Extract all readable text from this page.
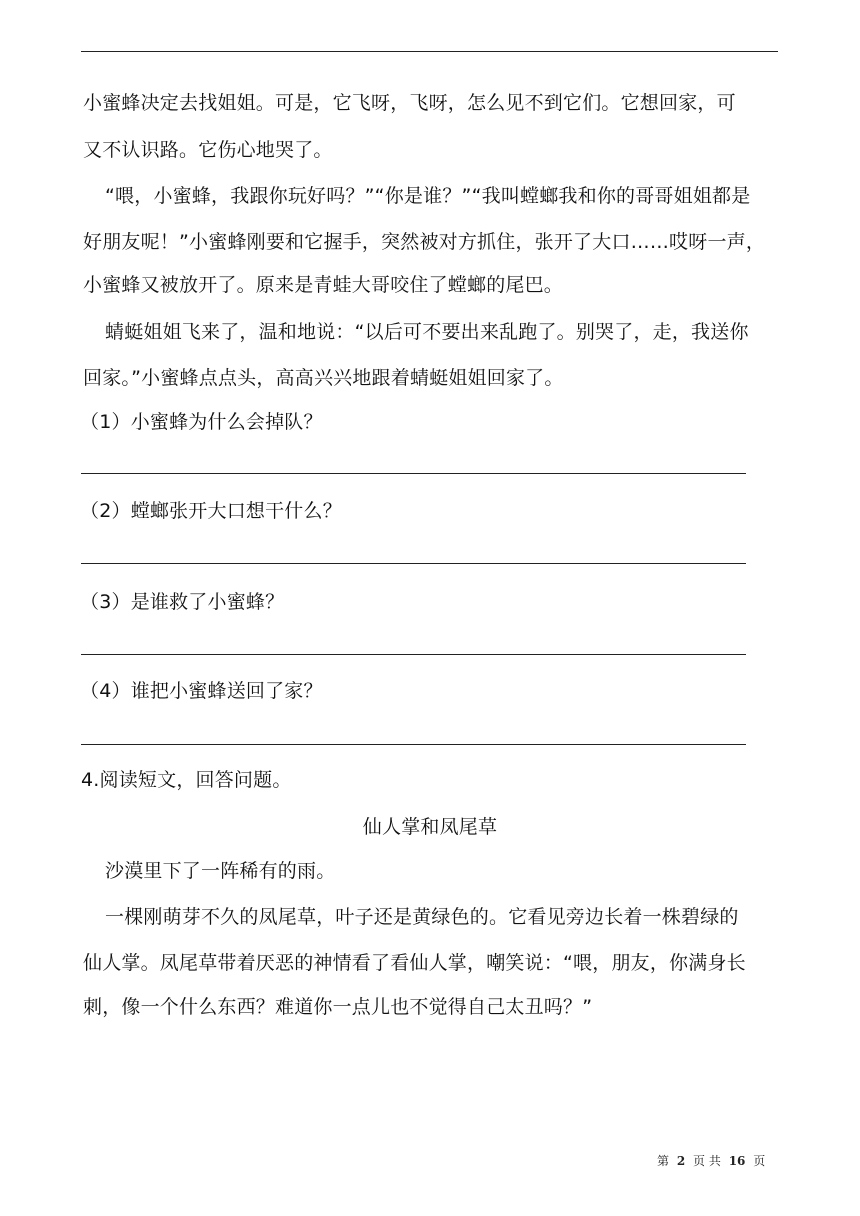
小蜜蜂决定去找姐姐。可是，它飞呀，飞呀，怎么见不到它们。它想回家，可
又不认识路。它伤心地哭了。
“喂，小蜜蜂，我跟你玩好吗？”“你是谁？”“我叫螳螂我和你的哥哥姐姐都是
好朋友呢！”小蜜蜂刚要和它握手，突然被对方抓住，张开了大口……哎呀一声，
小蜜蜂又被放开了。原来是青蛙大哥咬住了螳螂的尾巴。
蜻蜓姐姐飞来了，温和地说：“以后可不要出来乱跑了。别哭了，走，我送你
回家。”小蜜蜂点点头，高高兴兴地跟着蜻蜓姐姐回家了。
（1）小蜜蜂为什么会掉队？
（2）螳螂张开大口想干什么？
（3）是谁救了小蜜蜂？
（4）谁把小蜜蜂送回了家？
4.阅读短文，回答问题。
仙人掌和凤尾草
沙漠里下了一阵稀有的雨。
一棵刚萌芽不久的凤尾草，叶子还是黄绿色的。它看见旁边长着一株碧绿的
仙人掌。凤尾草带着厌恶的神情看了看仙人掌，嘲笑说：“喂，朋友，你满身长
刺，像一个什么东西？难道你一点儿也不觉得自己太丑吗？”
第 2 页 共 16 页
